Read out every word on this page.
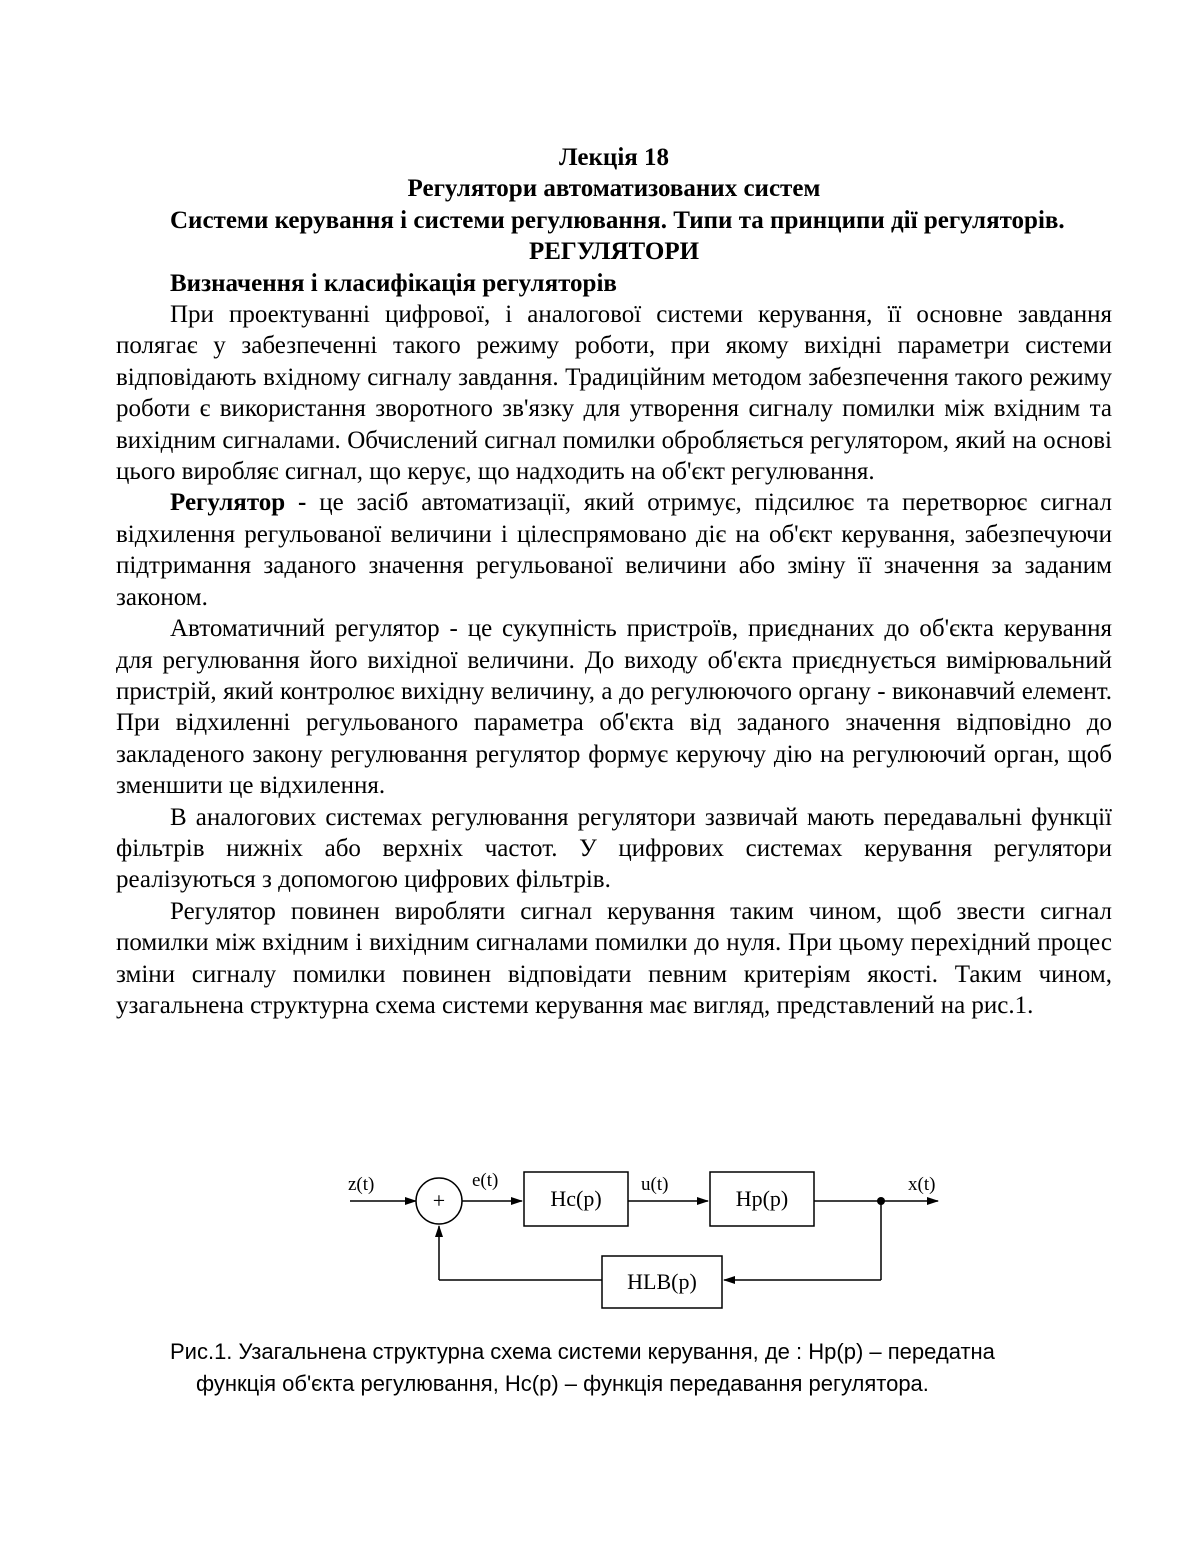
Лекція 18
Регулятори автоматизованих систем

Системи керування і системи регулювання. Типи та принципи дії регуляторів.

РЕГУЛЯТОРИ

Визначення і класифікація регуляторів

При проектуванні цифрової, і аналогової системи керування, її основне завдання полягає у забезпеченні такого режиму роботи, при якому вихідні параметри системи відповідають вхідному сигналу завдання. Традиційним методом забезпечення такого режиму роботи є використання зворотного зв'язку для утворення сигналу помилки між вхідним та вихідним сигналами. Обчислений сигнал помилки обробляється регулятором, який на основі цього виробляє сигнал, що керує, що надходить на об'єкт регулювання.

Регулятор - це засіб автоматизації, який отримує, підсилює та перетворює сигнал відхилення регульованої величини і цілеспрямовано діє на об'єкт керування, забезпечуючи підтримання заданого значення регульованої величини або зміну її значення за заданим законом.

Автоматичний регулятор - це сукупність пристроїв, приєднаних до об'єкта керування для регулювання його вихідної величини. До виходу об'єкта приєднується вимірювальний пристрій, який контролює вихідну величину, а до регулюючого органу - виконавчий елемент. При відхиленні регульованого параметра об'єкта від заданого значення відповідно до закладеного закону регулювання регулятор формує керуючу дію на регулюючий орган, щоб зменшити це відхилення.

В аналогових системах регулювання регулятори зазвичай мають передавальні функції фільтрів нижніх або верхніх частот. У цифрових системах керування регулятори реалізуються з допомогою цифрових фільтрів.

Регулятор повинен виробляти сигнал керування таким чином, щоб звести сигнал помилки між вхідним і вихідним сигналами помилки до нуля. При цьому перехідний процес зміни сигналу помилки повинен відповідати певним критеріям якості. Таким чином, узагальнена структурна схема системи керування має вигляд, представлений на рис.1.

z(t)
+
e(t)
Hc(p)
u(t)
Hp(p)
x(t)
HLB(p)
Рис.1. Узагальнена структурна схема системи керування, де : Hp(p) – передатна
функція об'єкта регулювання, Hc(p) – функція передавання регулятора.
